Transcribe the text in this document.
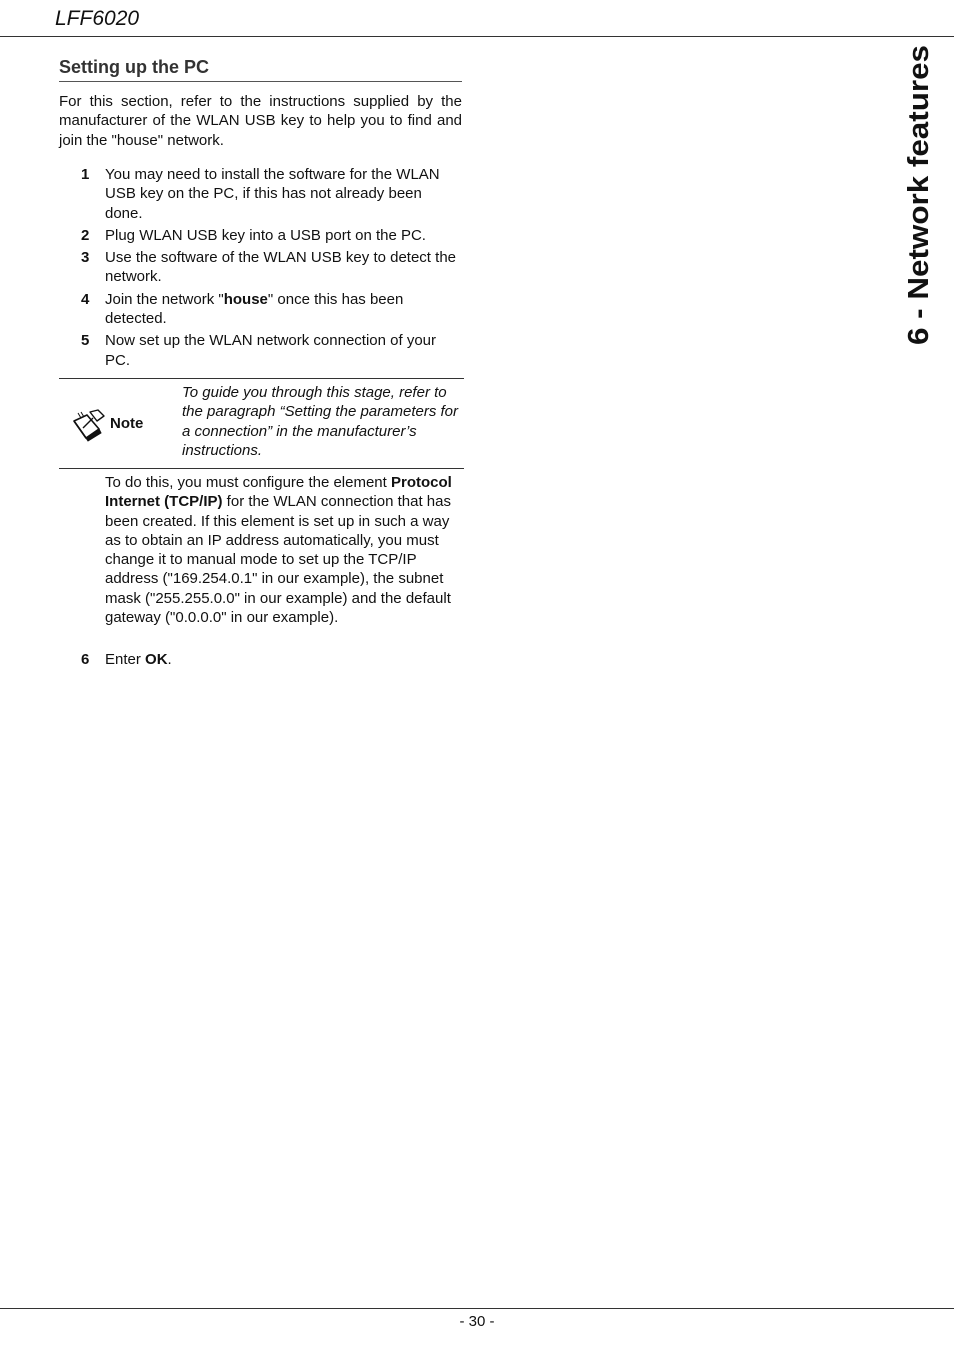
LFF6020
6 - Network features
Setting up the PC

For this section, refer to the instructions supplied by the manufacturer of the WLAN USB key to help you to find and join the "house" network.

1 You may need to install the software for the WLAN USB key on the PC, if this has not already been done.

2 Plug WLAN USB key into a USB port on the PC.

3 Use the software of the WLAN USB key to detect the network.

4 Join the network "house" once this has been detected.

5 Now set up the WLAN network connection of your PC.

Note

To guide you through this stage, refer to the paragraph “Setting the parameters for a connection” in the manufacturer’s instructions.

To do this, you must configure the element Protocol Internet (TCP/IP) for the WLAN connection that has been created. If this element is set up in such a way as to obtain an IP address automatically, you must change it to manual mode to set up the TCP/IP address ("169.254.0.1" in our example), the subnet mask ("255.255.0.0" in our example) and the default gateway ("0.0.0.0" in our example).

6 Enter OK.

- 30 -
